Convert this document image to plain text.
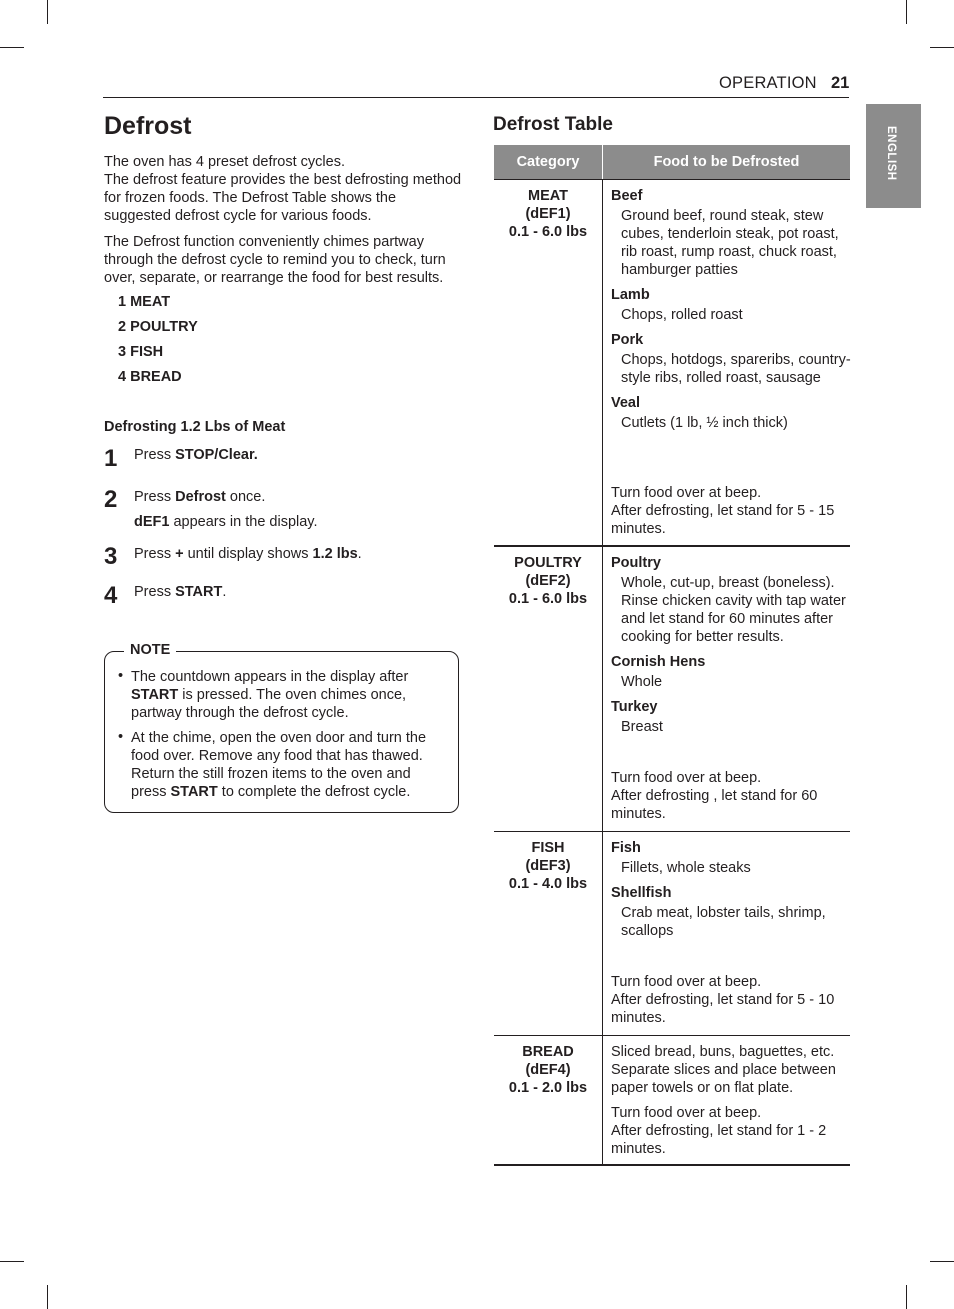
OPERATION 21
ENGLISH
Defrost

The oven has 4 preset defrost cycles.

The defrost feature provides the best defrosting method for frozen foods. The Defrost Table shows the suggested defrost cycle for various foods.

The Defrost function conveniently chimes partway through the defrost cycle to remind you to check, turn over, separate, or rearrange the food for best results.

1 MEAT
2 POULTRY
3 FISH
4 BREAD
Defrosting 1.2 Lbs of Meat
1 Press STOP/Clear.
2 Press Defrost once.
dEF1 appears in the display.
3 Press + until display shows 1.2 lbs.
4 Press START.
NOTE
• The countdown appears in the display after START is pressed. The oven chimes once, partway through the defrost cycle.
• At the chime, open the oven door and turn the food over. Remove any food that has thawed. Return the still frozen items to the oven and press START to complete the defrost cycle.
Defrost Table
Category	Food to be Defrosted
MEAT
(dEF1)
0.1 - 6.0 lbs
Beef
Ground beef, round steak, stew cubes, tenderloin steak, pot roast, rib roast, rump roast, chuck roast, hamburger patties
Lamb
Chops, rolled roast
Pork
Chops, hotdogs, spareribs, country-style ribs, rolled roast, sausage
Veal
Cutlets (1 lb, ½ inch thick)
Turn food over at beep.
After defrosting, let stand for 5 - 15 minutes.
POULTRY
(dEF2)
0.1 - 6.0 lbs
Poultry
Whole, cut-up, breast (boneless). Rinse chicken cavity with tap water and let stand for 60 minutes after cooking for better results.
Cornish Hens
Whole
Turkey
Breast
Turn food over at beep.
After defrosting , let stand for 60 minutes.
FISH
(dEF3)
0.1 - 4.0 lbs
Fish
Fillets, whole steaks
Shellfish
Crab meat, lobster tails, shrimp, scallops
Turn food over at beep.
After defrosting, let stand for 5 - 10 minutes.
BREAD
(dEF4)
0.1 - 2.0 lbs
Sliced bread, buns, baguettes, etc. Separate slices and place between paper towels or on flat plate.
Turn food over at beep.
After defrosting, let stand for 1 - 2 minutes.
